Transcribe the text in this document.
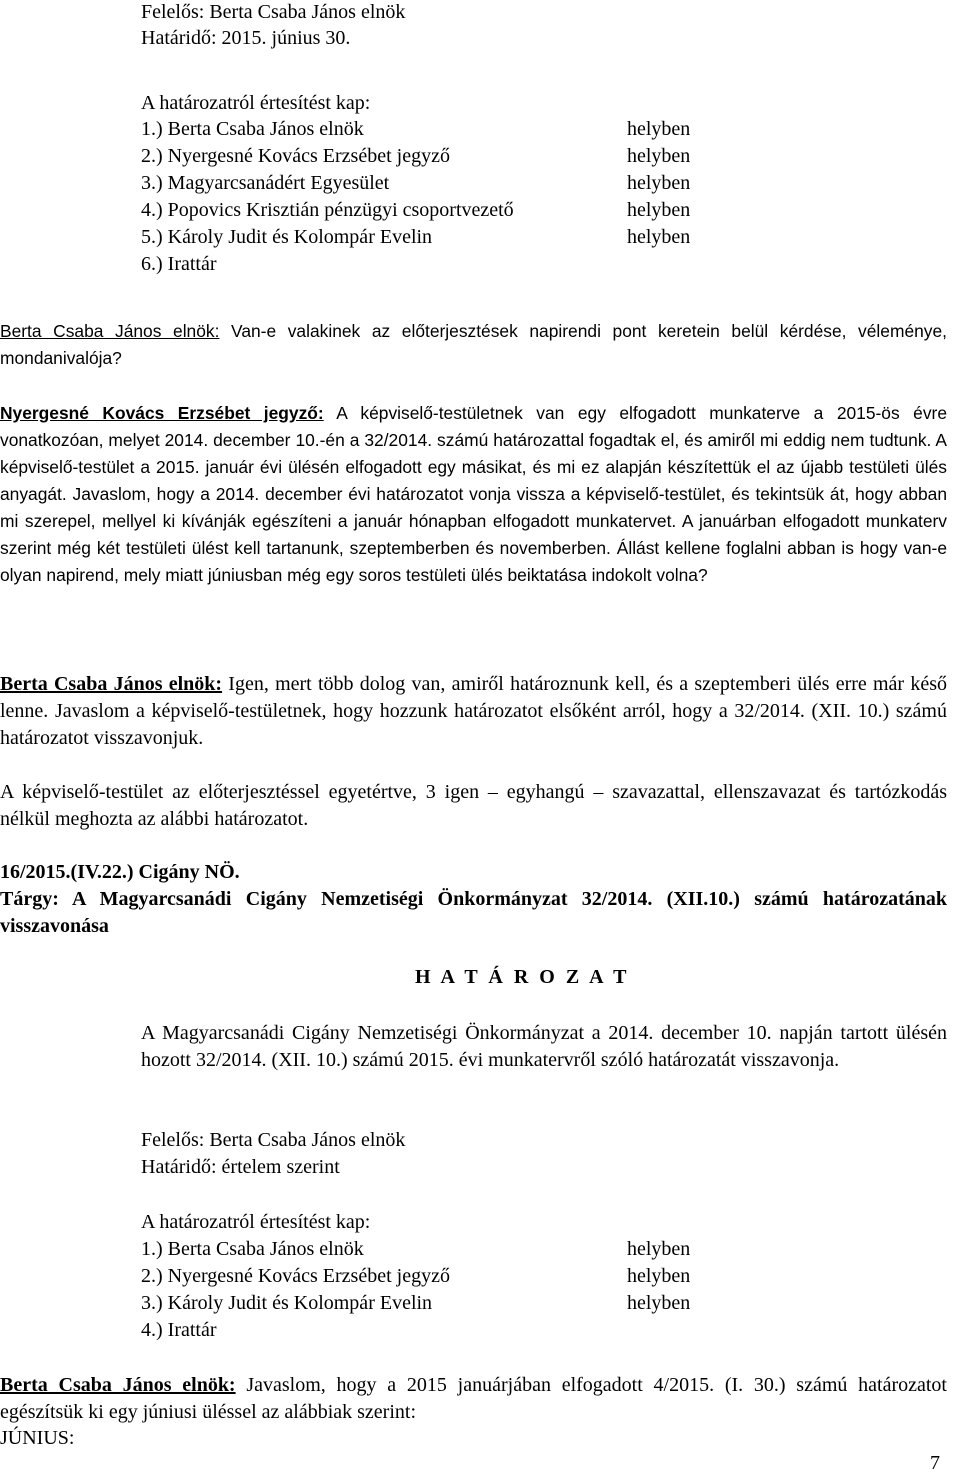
Felelős: Berta Csaba János elnök
Határidő: 2015. június 30.
A határozatról értesítést kap:
1.) Berta Csaba János elnök	helyben
2.) Nyergesné Kovács Erzsébet jegyző	helyben
3.) Magyarcsanádért Egyesület	helyben
4.) Popovics Krisztián pénzügyi csoportvezető	helyben
5.) Károly Judit és Kolompár Evelin	helyben
6.) Irattár

Berta Csaba János elnök: Van-e valakinek az előterjesztések napirendi pont keretein belül kérdése, véleménye, mondanivalója?

Nyergesné Kovács Erzsébet jegyző: A képviselő-testületnek van egy elfogadott munkaterve a 2015-ös évre vonatkozóan, melyet 2014. december 10.-én a 32/2014. számú határozattal fogadtak el, és amiről mi eddig nem tudtunk. A képviselő-testület a 2015. január évi ülésén elfogadott egy másikat, és mi ez alapján készítettük el az újabb testületi ülés anyagát. Javaslom, hogy a 2014. december évi határozatot vonja vissza a képviselő-testület, és tekintsük át, hogy abban mi szerepel, mellyel ki kívánják egészíteni a január hónapban elfogadott munkatervet. A januárban elfogadott munkaterv szerint még két testületi ülést kell tartanunk, szeptemberben és novemberben. Állást kellene foglalni abban is hogy van-e olyan napirend, mely miatt júniusban még egy soros testületi ülés beiktatása indokolt volna?

Berta Csaba János elnök: Igen, mert több dolog van, amiről határoznunk kell, és a szeptemberi ülés erre már késő lenne. Javaslom a képviselő-testületnek, hogy hozzunk határozatot elsőként arról, hogy a 32/2014. (XII. 10.) számú határozatot visszavonjuk.

A képviselő-testület az előterjesztéssel egyetértve, 3 igen – egyhangú – szavazattal, ellenszavazat és tartózkodás nélkül meghozta az alábbi határozatot.

16/2015.(IV.22.) Cigány NÖ.

Tárgy: A Magyarcsanádi Cigány Nemzetiségi Önkormányzat 32/2014. (XII.10.) számú határozatának visszavonása

H A T Á R O Z A T

A Magyarcsanádi Cigány Nemzetiségi Önkormányzat a 2014. december 10. napján tartott ülésén hozott 32/2014. (XII. 10.) számú 2015. évi munkatervről szóló határozatát visszavonja.

Felelős: Berta Csaba János elnök
Határidő: értelem szerint
A határozatról értesítést kap:
1.) Berta Csaba János elnök	helyben
2.) Nyergesné Kovács Erzsébet jegyző	helyben
3.) Károly Judit és Kolompár Evelin	helyben
4.) Irattár

Berta Csaba János elnök: Javaslom, hogy a 2015 januárjában elfogadott 4/2015. (I. 30.) számú határozatot egészítsük ki egy júniusi üléssel az alábbiak szerint:

JÚNIUS:
7
